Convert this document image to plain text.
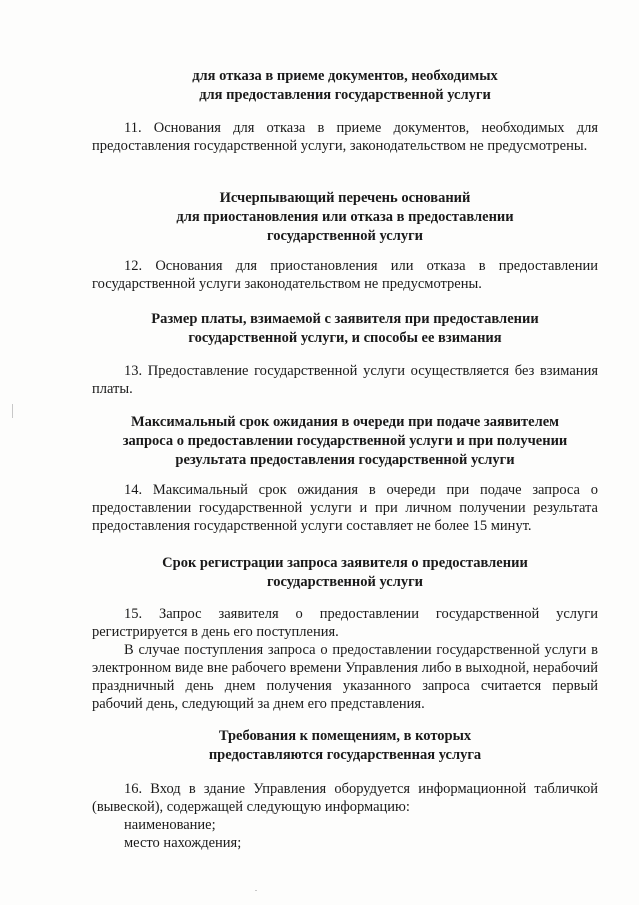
для отказа в приеме документов, необходимых
для предоставления государственной услуги
11. Основания для отказа в приеме документов, необходимых для предоставления государственной услуги, законодательством не предусмотрены.
Исчерпывающий перечень оснований
для приостановления или отказа в предоставлении
государственной услуги
12. Основания для приостановления или отказа в предоставлении государственной услуги законодательством не предусмотрены.
Размер платы, взимаемой с заявителя при предоставлении
государственной услуги, и способы ее взимания
13. Предоставление государственной услуги осуществляется без взимания платы.
Максимальный срок ожидания в очереди при подаче заявителем
запроса о предоставлении государственной услуги и при получении
результата предоставления государственной услуги
14. Максимальный срок ожидания в очереди при подаче запроса о предоставлении государственной услуги и при личном получении результата предоставления государственной услуги составляет не более 15 минут.
Срок регистрации запроса заявителя о предоставлении
государственной услуги
15. Запрос заявителя о предоставлении государственной услуги регистрируется в день его поступления.
В случае поступления запроса о предоставлении государственной услуги в электронном виде вне рабочего времени Управления либо в выходной, нерабочий праздничный день днем получения указанного запроса считается первый рабочий день, следующий за днем его представления.
Требования к помещениям, в которых
предоставляются государственная услуга
16. Вход в здание Управления оборудуется информационной табличкой (вывеской), содержащей следующую информацию:
наименование;
место нахождения;
